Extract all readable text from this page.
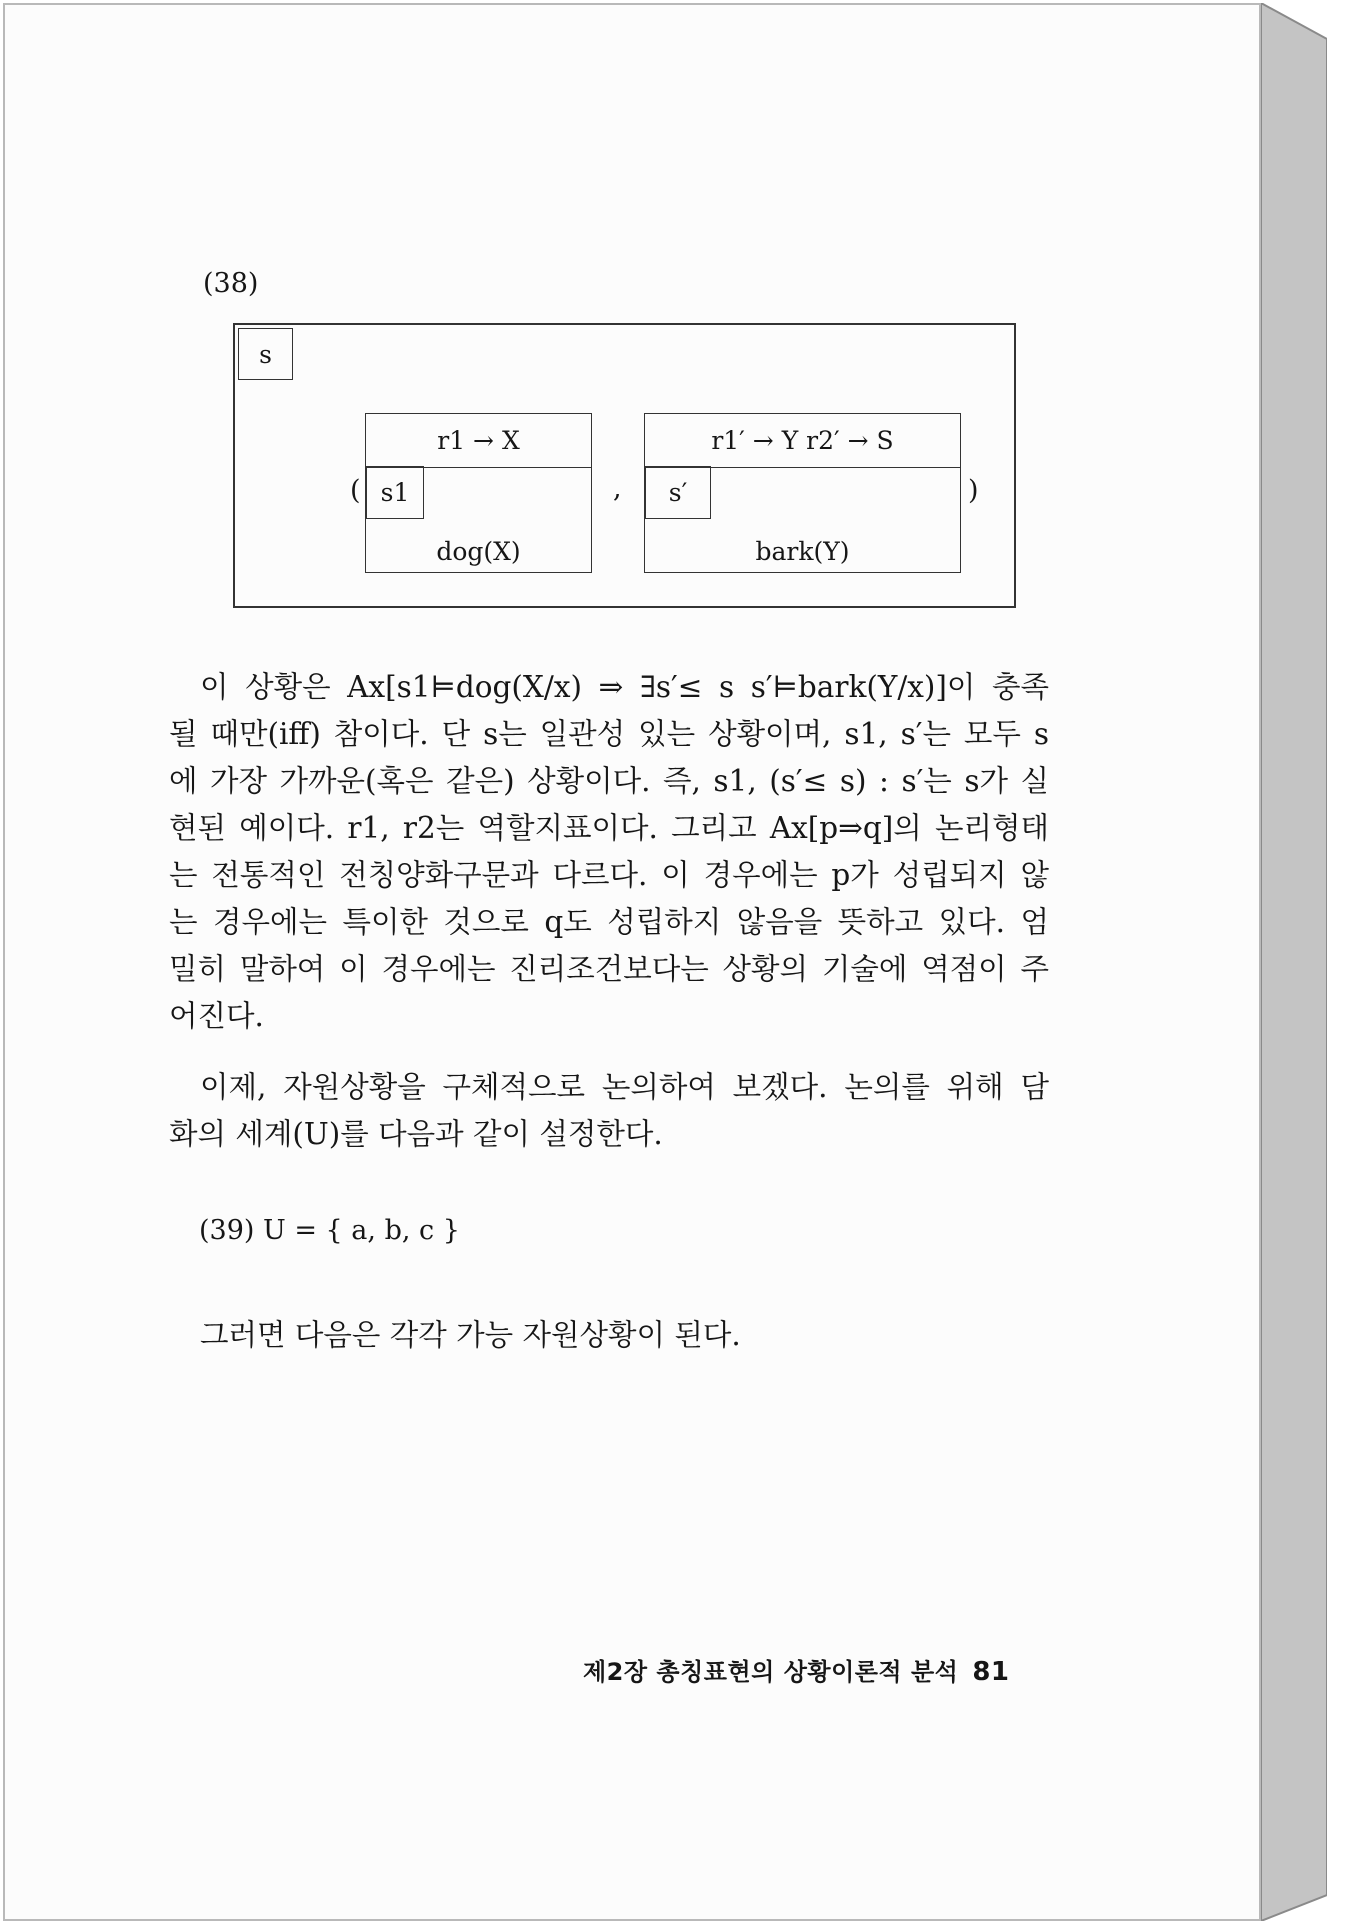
(38)
s
(
r1 → X
s1
dog(X)
,
r1′ → Y r2′ → S
s′
bark(Y)
)
이 상황은 Ax[s1⊨dog(X/x) ⇒ ∃s′≤ s s′⊨bark(Y/x)]이 충족
될 때만(iff) 참이다. 단 s는 일관성 있는 상황이며, s1, s′는 모두 s
에 가장 가까운(혹은 같은) 상황이다. 즉, s1, (s′≤ s) : s′는 s가 실
현된 예이다. r1, r2는 역할지표이다. 그리고 Ax[p⇒q]의 논리형태
는 전통적인 전칭양화구문과 다르다. 이 경우에는 p가 성립되지 않
는 경우에는 특이한 것으로 q도 성립하지 않음을 뜻하고 있다. 엄
밀히 말하여 이 경우에는 진리조건보다는 상황의 기술에 역점이 주
어진다.
이제, 자원상황을 구체적으로 논의하여 보겠다. 논의를 위해 담
화의 세계(U)를 다음과 같이 설정한다.
(39) U = { a, b, c }
그러면 다음은 각각 가능 자원상황이 된다.
제2장 총칭표현의 상황이론적 분석 81
